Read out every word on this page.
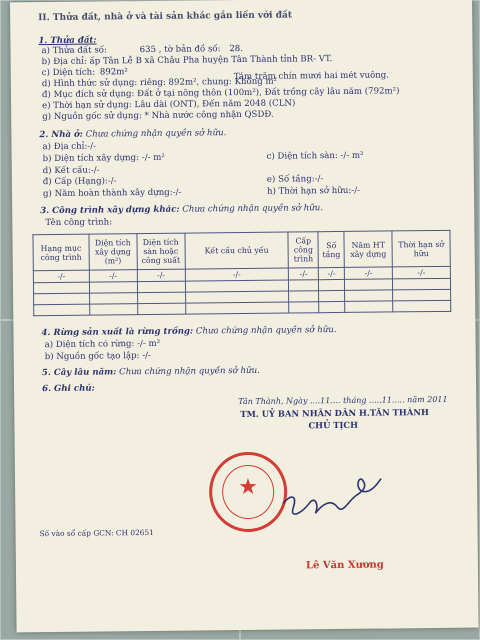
II. Thửa đất, nhà ở và tài sản khác gắn liền với đất
1. Thửa đất:
a) Thửa đất số:	635 , tờ bản đồ số: 28.
b) Địa chỉ: ấp Tân Lễ B xã Châu Pha huyện Tân Thành tỉnh BR- VT.
c) Diện tích: 892m²	Tám trăm chín mươi hai mét vuông.
d) Hình thức sử dụng: riêng: 892m², chung: Không m²
đ) Mục đích sử dụng: Đất ở tại nông thôn (100m²), Đất trồng cây lâu năm (792m²)
e) Thời hạn sử dụng: Lâu dài (ONT), Đến năm 2048 (CLN)
g) Nguồn gốc sử dụng: * Nhà nước công nhận QSDĐ.
2. Nhà ở: Chưa chứng nhận quyền sở hữu.
a) Địa chỉ:-/-
b) Diện tích xây dựng: -/- m²	c) Diện tích sàn: -/- m²
d) Kết cấu:-/-
đ) Cấp (Hạng):-/-	e) Số tầng:-/-
g) Năm hoàn thành xây dựng:-/-	h) Thời hạn sở hữu:-/-
3. Công trình xây dựng khác: Chưa chứng nhận quyền sở hữu.
Tên công trình:
Hạng mục công trình	Diện tích xây dựng (m²)	Diện tích sàn hoặc công suất	Kết cấu chủ yếu	Cấp công trình	Số tầng	Năm HT xây dựng	Thời hạn sở hữu
-/-	-/-	-/-	-/-	-/-	-/-	-/-	-/-

4. Rừng sản xuất là rừng trồng: Chưa chứng nhận quyền sở hữu.
a) Diện tích có rừng: -/- m²
b) Nguồn gốc tạo lập: -/-
5. Cây lâu năm: Chưa chứng nhận quyền sở hữu.
6. Ghi chú:
Tân Thành, Ngày ....11.... tháng .....11..... năm 2011
TM. UỶ BAN NHÂN DÂN H.TÂN THÀNH
CHỦ TỊCH
★
Lê Văn Xương
Số vào sổ cấp GCN: CH 02651
